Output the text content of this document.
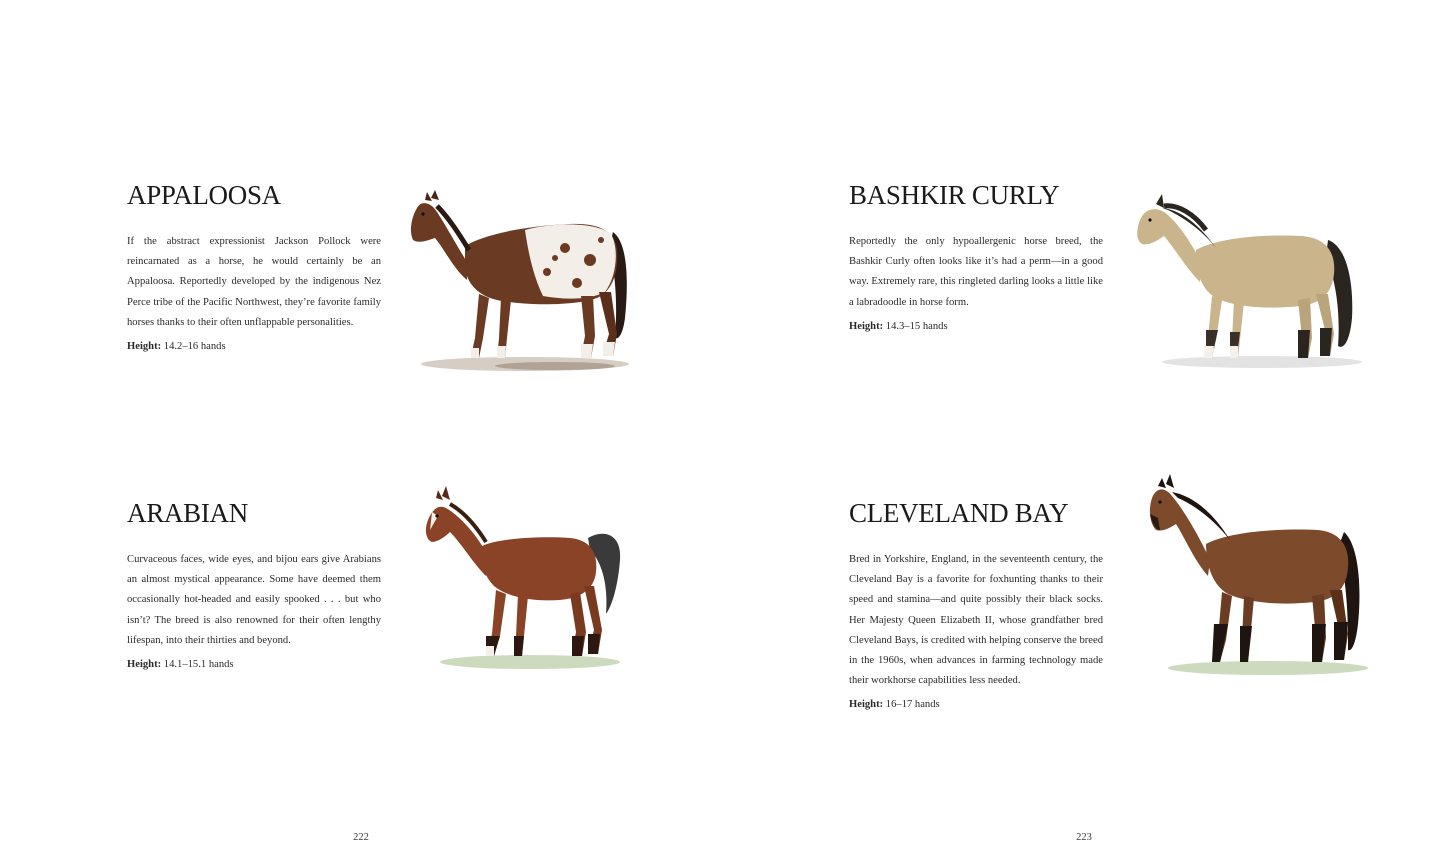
APPALOOSA

If the abstract expressionist Jackson Pollock were reincarnated as a horse, he would certainly be an Appaloosa. Reportedly developed by the indigenous Nez Perce tribe of the Pacific Northwest, they’re favorite family horses thanks to their often unflappable personalities.

Height: 14.2–16 hands

ARABIAN

Curvaceous faces, wide eyes, and bijou ears give Arabians an almost mystical appearance. Some have deemed them occasionally hot-headed and easily spooked . . . but who isn’t? The breed is also renowned for their often lengthy lifespan, into their thirties and beyond.

Height: 14.1–15.1 hands

222
BASHKIR CURLY

Reportedly the only hypoallergenic horse breed, the Bashkir Curly often looks like it’s had a perm—in a good way. Extremely rare, this ringleted darling looks a little like a labradoodle in horse form.

Height: 14.3–15 hands

CLEVELAND BAY

Bred in Yorkshire, England, in the seventeenth century, the Cleveland Bay is a favorite for foxhunting thanks to their speed and stamina—and quite possibly their black socks. Her Majesty Queen Elizabeth II, whose grandfather bred Cleveland Bays, is credited with helping conserve the breed in the 1960s, when advances in farming technology made their workhorse capabilities less needed.

Height: 16–17 hands

223
